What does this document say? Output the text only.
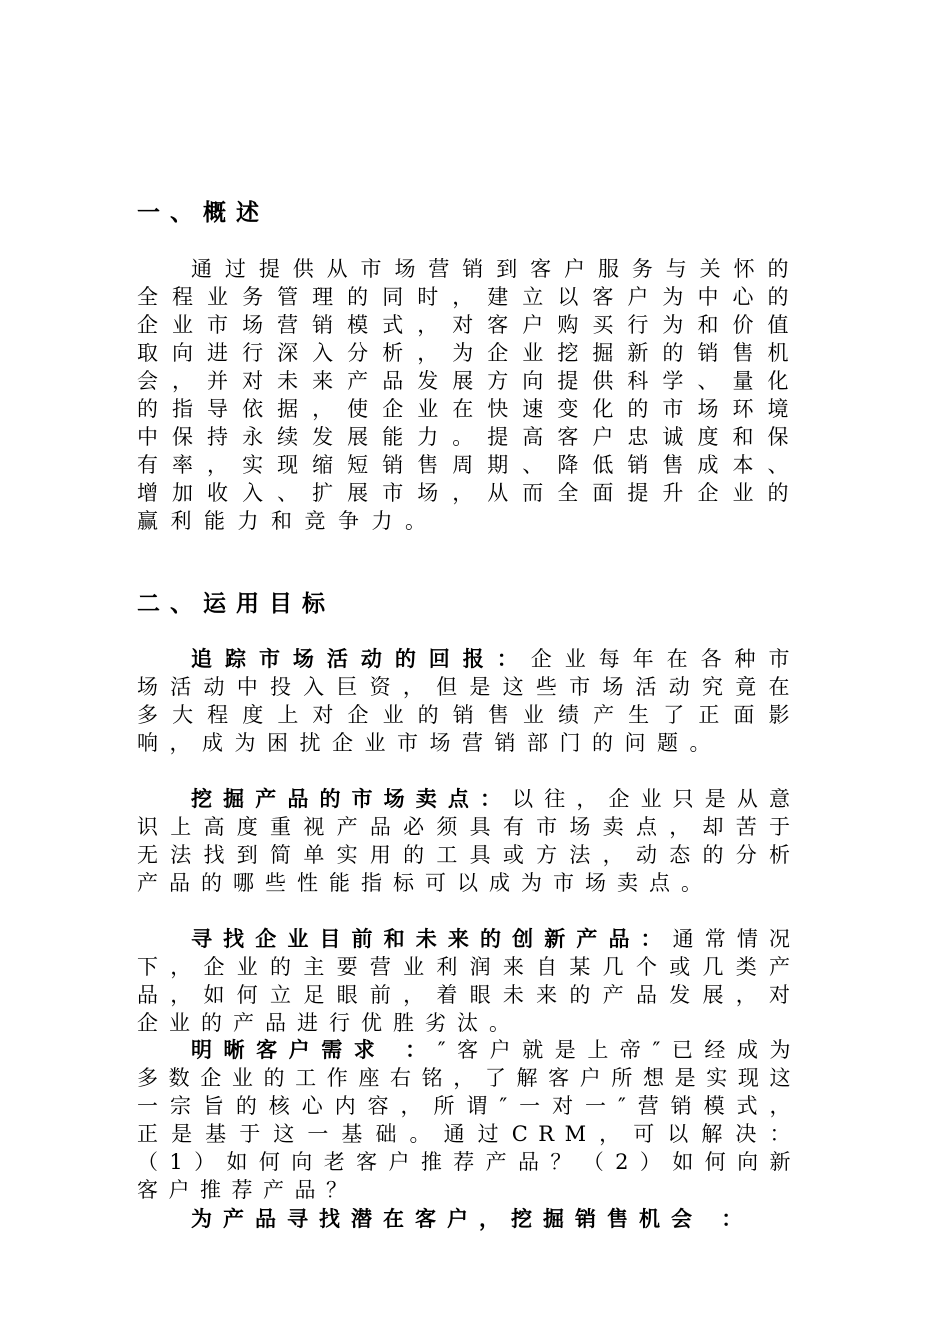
一、概述

通过提供从市场营销到客户服务与关怀的全程业务管理的同时，建立以客户为中心的企业市场营销模式，对客户购买行为和价值取向进行深入分析，为企业挖掘新的销售机会，并对未来产品发展方向提供科学、量化的指导依据，使企业在快速变化的市场环境中保持永续发展能力。提高客户忠诚度和保有率，实现缩短销售周期、降低销售成本、增加收入、扩展市场，从而全面提升企业的赢利能力和竞争力。

二、运用目标

追踪市场活动的回报：企业每年在各种市场活动中投入巨资，但是这些市场活动究竟在多大程度上对企业的销售业绩产生了正面影响，成为困扰企业市场营销部门的问题。

挖掘产品的市场卖点：以往，企业只是从意识上高度重视产品必须具有市场卖点，却苦于无法找到简单实用的工具或方法，动态的分析产品的哪些性能指标可以成为市场卖点。

寻找企业目前和未来的创新产品：通常情况下，企业的主要营业利润来自某几个或几类产品，如何立足眼前，着眼未来的产品发展，对企业的产品进行优胜劣汰。

明晰客户需求 ：″客户就是上帝″已经成为多数企业的工作座右铭，了解客户所想是实现这一宗旨的核心内容，所谓″一对一″营销模式，正是基于这一基础。通过CRM，可以解决：（1）如何向老客户推荐产品？（2）如何向新客户推荐产品？

为产品寻找潜在客户，挖掘销售机会 ：
